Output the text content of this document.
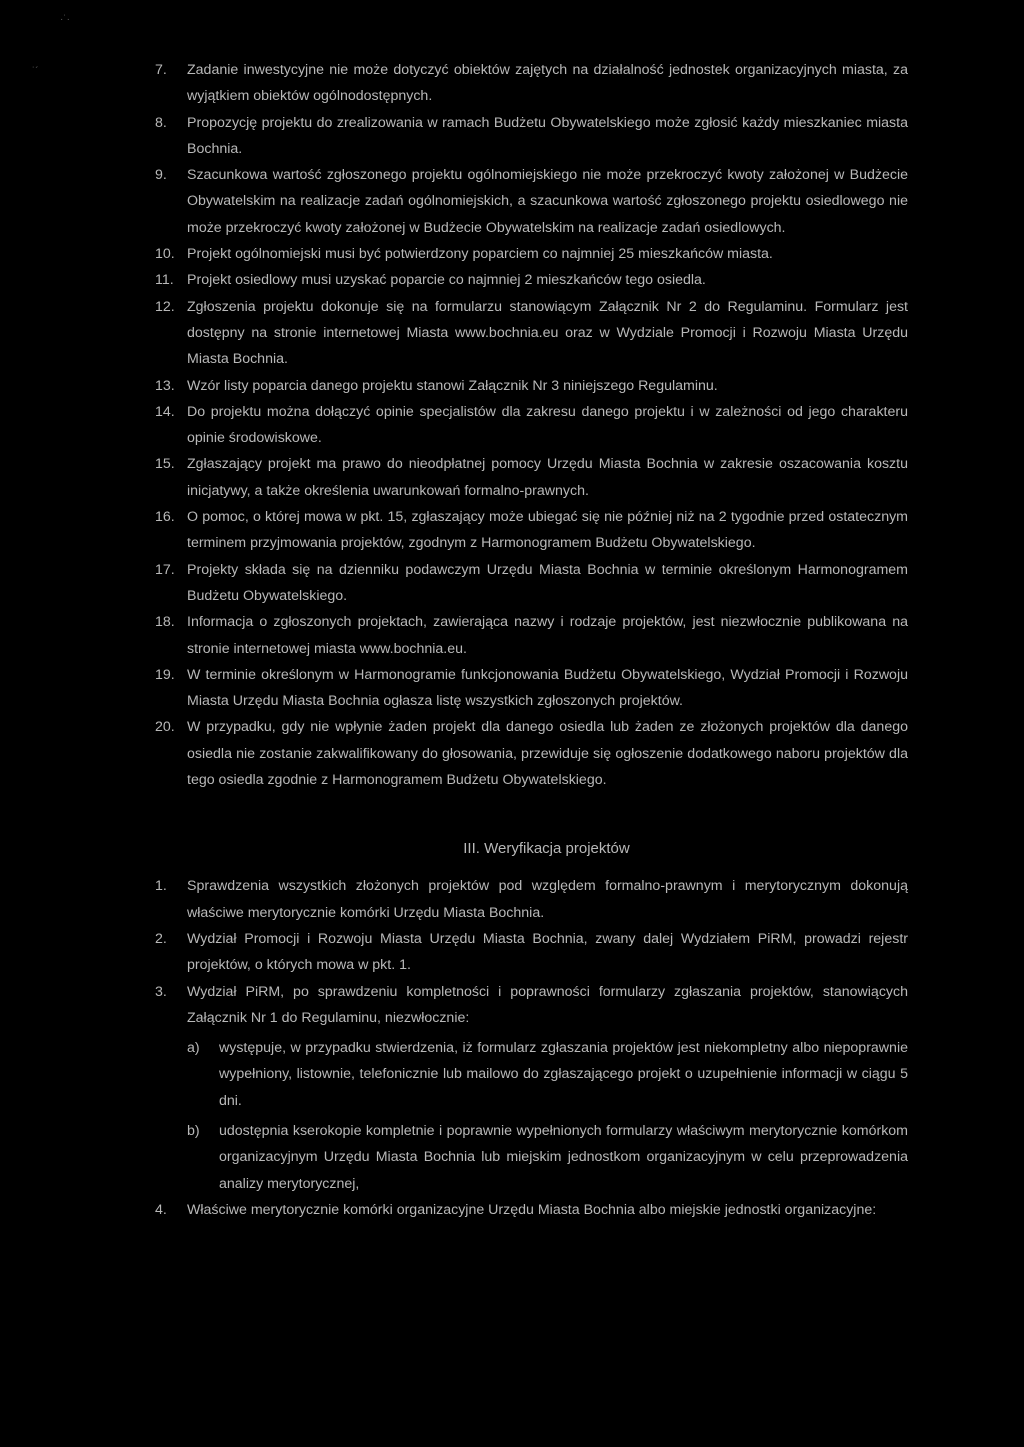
·˙·
˙´	7. Zadanie inwestycyjne nie może dotyczyć obiektów zajętych na działalność jednostek organizacyjnych miasta, za wyjątkiem obiektów ogólnodostępnych.
8. Propozycję projektu do zrealizowania w ramach Budżetu Obywatelskiego może zgłosić każdy mieszkaniec miasta Bochnia.
9. Szacunkowa wartość zgłoszonego projektu ogólnomiejskiego nie może przekroczyć kwoty założonej w Budżecie Obywatelskim na realizacje zadań ogólnomiejskich, a szacunkowa wartość zgłoszonego projektu osiedlowego nie może przekroczyć kwoty założonej w Budżecie Obywatelskim na realizacje zadań osiedlowych.
10. Projekt ogólnomiejski musi być potwierdzony poparciem co najmniej 25 mieszkańców miasta.
11. Projekt osiedlowy musi uzyskać poparcie co najmniej 2 mieszkańców tego osiedla.
12. Zgłoszenia projektu dokonuje się na formularzu stanowiącym Załącznik Nr 2 do Regulaminu. Formularz jest dostępny na stronie internetowej Miasta www.bochnia.eu oraz w Wydziale Promocji i Rozwoju Miasta Urzędu Miasta Bochnia.
13. Wzór listy poparcia danego projektu stanowi Załącznik Nr 3 niniejszego Regulaminu.
14. Do projektu można dołączyć opinie specjalistów dla zakresu danego projektu i w zależności od jego charakteru opinie środowiskowe.
15. Zgłaszający projekt ma prawo do nieodpłatnej pomocy Urzędu Miasta Bochnia w zakresie oszacowania kosztu inicjatywy, a także określenia uwarunkowań formalno-prawnych.
16. O pomoc, o której mowa w pkt. 15, zgłaszający może ubiegać się nie później niż na 2 tygodnie przed ostatecznym terminem przyjmowania projektów, zgodnym z Harmonogramem Budżetu Obywatelskiego.
17. Projekty składa się na dzienniku podawczym Urzędu Miasta Bochnia w terminie określonym Harmonogramem Budżetu Obywatelskiego.
18. Informacja o zgłoszonych projektach, zawierająca nazwy i rodzaje projektów, jest niezwłocznie publikowana na stronie internetowej miasta www.bochnia.eu.
19. W terminie określonym w Harmonogramie funkcjonowania Budżetu Obywatelskiego, Wydział Promocji i Rozwoju Miasta Urzędu Miasta Bochnia ogłasza listę wszystkich zgłoszonych projektów.
20. W przypadku, gdy nie wpłynie żaden projekt dla danego osiedla lub żaden ze złożonych projektów dla danego osiedla nie zostanie zakwalifikowany do głosowania, przewiduje się ogłoszenie dodatkowego naboru projektów dla tego osiedla zgodnie z Harmonogramem Budżetu Obywatelskiego.
III. Weryfikacja projektów
1. Sprawdzenia wszystkich złożonych projektów pod względem formalno-prawnym i merytorycznym dokonują właściwe merytorycznie komórki Urzędu Miasta Bochnia.
2. Wydział Promocji i Rozwoju Miasta Urzędu Miasta Bochnia, zwany dalej Wydziałem PiRM, prowadzi rejestr projektów, o których mowa w pkt. 1.
3. Wydział PiRM, po sprawdzeniu kompletności i poprawności formularzy zgłaszania projektów, stanowiących Załącznik Nr 1 do Regulaminu, niezwłocznie:
a) występuje, w przypadku stwierdzenia, iż formularz zgłaszania projektów jest niekompletny albo niepoprawnie wypełniony, listownie, telefonicznie lub mailowo do zgłaszającego projekt o uzupełnienie informacji w ciągu 5 dni.
b) udostępnia kserokopie kompletnie i poprawnie wypełnionych formularzy właściwym merytorycznie komórkom organizacyjnym Urzędu Miasta Bochnia lub miejskim jednostkom organizacyjnym w celu przeprowadzenia analizy merytorycznej,
4. Właściwe merytorycznie komórki organizacyjne Urzędu Miasta Bochnia albo miejskie jednostki organizacyjne:
